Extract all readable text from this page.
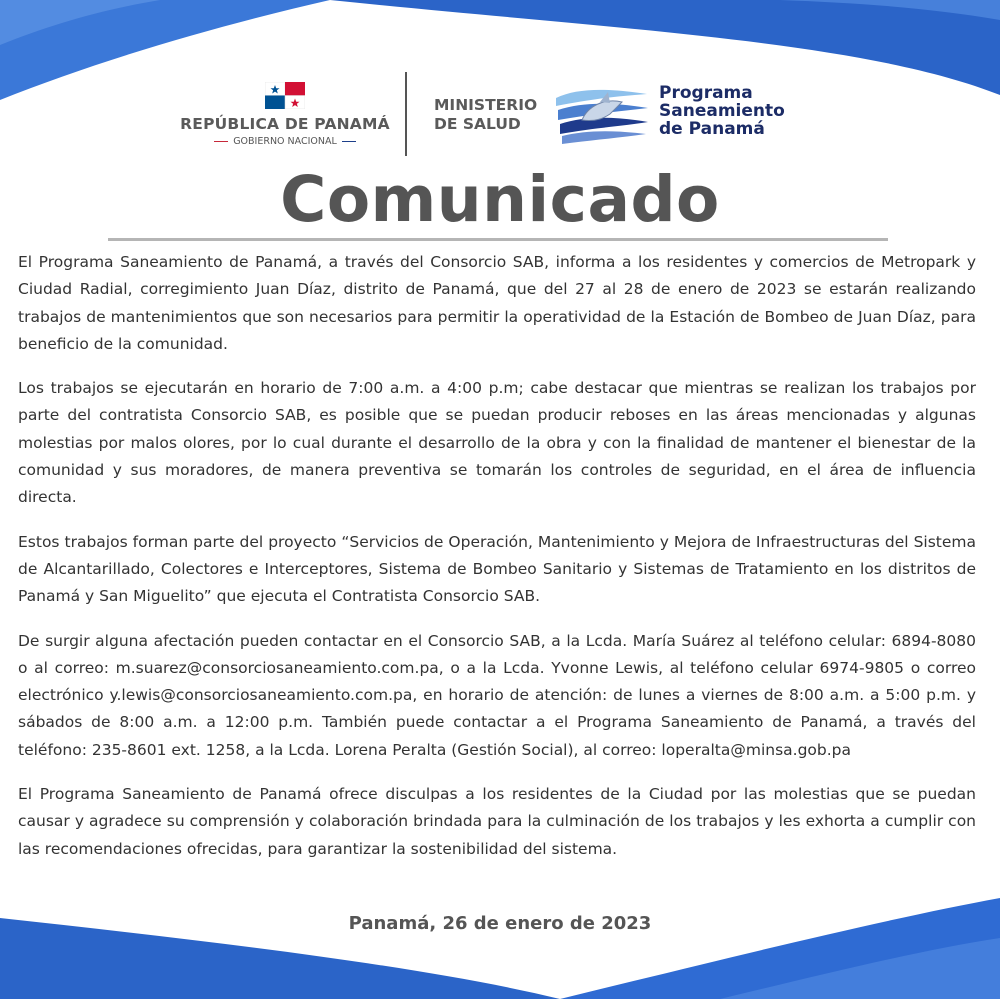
REPÚBLICA DE PANAMÁ
GOBIERNO NACIONAL
MINISTERIO
DE SALUD
Programa
Saneamiento
de Panamá
Comunicado

El Programa Saneamiento de Panamá, a través del Consorcio SAB, informa a los residentes y comercios de Metropark y Ciudad Radial, corregimiento Juan Díaz, distrito de Panamá, que del 27 al 28 de enero de 2023 se estarán realizando trabajos de mantenimientos que son necesarios para permitir la operatividad de la Estación de Bombeo de Juan Díaz, para beneficio de la comunidad.

Los trabajos se ejecutarán en horario de 7:00 a.m. a 4:00 p.m; cabe destacar que mientras se realizan los trabajos por parte del contratista Consorcio SAB, es posible que se puedan producir reboses en las áreas mencionadas y algunas molestias por malos olores, por lo cual durante el desarrollo de la obra y con la finalidad de mantener el bienestar de la comunidad y sus moradores, de manera preventiva se tomarán los controles de seguridad, en el área de influencia directa.

Estos trabajos forman parte del proyecto “Servicios de Operación, Mantenimiento y Mejora de Infraestructuras del Sistema de Alcantarillado, Colectores e Interceptores, Sistema de Bombeo Sanitario y Sistemas de Tratamiento en los distritos de Panamá y San Miguelito” que ejecuta el Contratista Consorcio SAB.

De surgir alguna afectación pueden contactar en el Consorcio SAB, a la Lcda. María Suárez al teléfono celular: 6894-8080 o al correo: m.suarez@consorciosaneamiento.com.pa, o a la Lcda. Yvonne Lewis, al teléfono celular 6974-9805 o correo electrónico y.lewis@consorciosaneamiento.com.pa, en horario de atención: de lunes a viernes de 8:00 a.m. a 5:00 p.m. y sábados de 8:00 a.m. a 12:00 p.m. También puede contactar a el Programa Saneamiento de Panamá, a través del teléfono: 235-8601 ext. 1258, a la Lcda. Lorena Peralta (Gestión Social), al correo: loperalta@minsa.gob.pa

El Programa Saneamiento de Panamá ofrece disculpas a los residentes de la Ciudad por las molestias que se puedan causar y agradece su comprensión y colaboración brindada para la culminación de los trabajos y les exhorta a cumplir con las recomendaciones ofrecidas, para garantizar la sostenibilidad del sistema.

Panamá, 26 de enero de 2023
